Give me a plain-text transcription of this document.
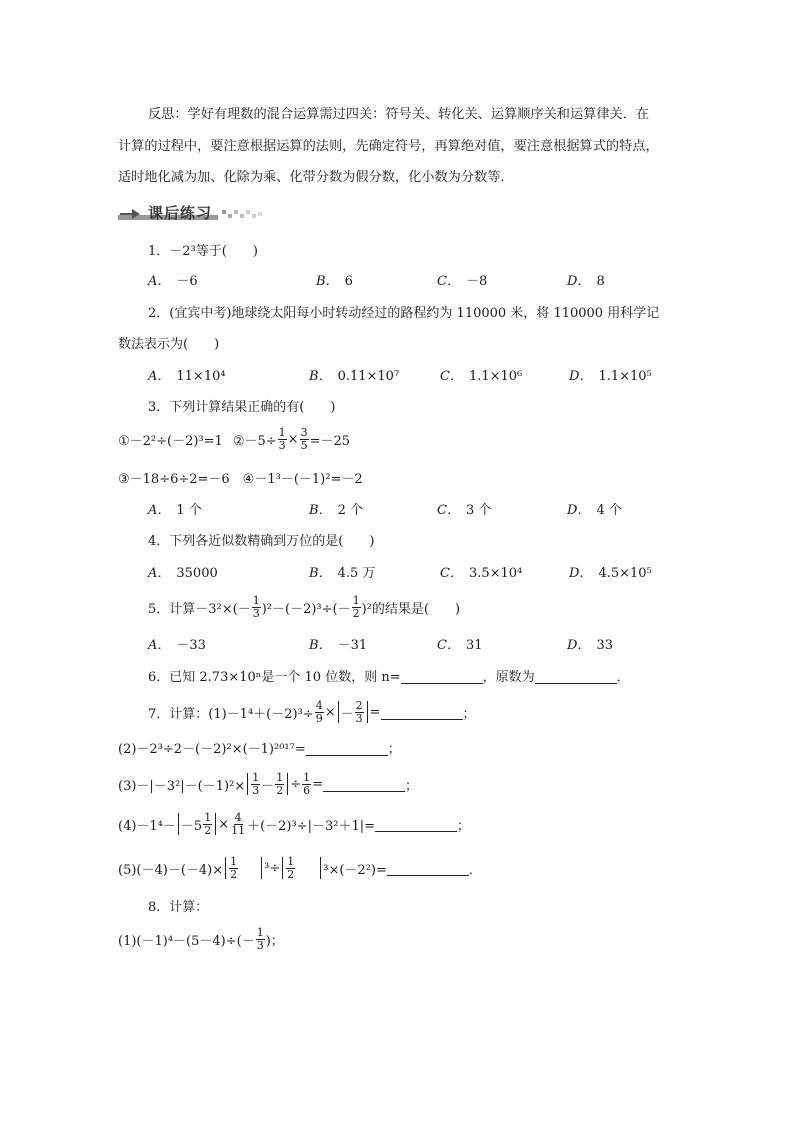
反思：学好有理数的混合运算需过四关：符号关、转化关、运算顺序关和运算律关．在
计算的过程中，要注意根据运算的法则，先确定符号，再算绝对值，要注意根据算式的特点，
适时地化减为加、化除为乘、化带分数为假分数，化小数为分数等．
课后练习
1．－2³等于(　　)
A． －6	B． 6	C． －8	D． 8
2．(宜宾中考)地球绕太阳每小时转动经过的路程约为 110000 米，将 110000 用科学记
数法表示为(　　)
A． 11×10⁴	B． 0.11×10⁷	C． 1.1×10⁶	D． 1.1×10⁵
3．下列计算结果正确的有(　　)
①－2²÷(－2)³=1 ②－5÷ $\frac{1}{3} \times \frac{3}{5} =-25$
③－18÷6÷2=－6　④－1³－(－1)²=－2
A． 1 个	B． 2 个	C． 3 个	D． 4 个
4．下列各近似数精确到万位的是(　　)
A． 35000	B． 4.5 万	C． 3.5×10⁴	D． 4.5×10⁵
5．计算$-3^2\times(- \frac{1}{3} )^2-(-2)^3\div(- \frac{1}{2} )^2$的结果是(　　)
A． －33	B． －31	C． 31	D． 33
6．已知 2.73×10ⁿ是一个 10 位数，则 n=	，原数为	．
7．计算：$(1)-1^4+(-2)^3\div \frac{4}{9}$ × － $\frac{2}{3}$ =	；
(2)－2³÷2－(－2)²×(－1)²⁰¹⁷=	；
$(3)-|-3^2|-(-1)^2\times \frac{1}{3} - \frac{1}{2} \div \frac{1}{6}$ =	；
$(4)-1^4- -5 \frac{1}{2} \times \frac{4}{11} +(-2)^3\div|-3^2+1|=$	；
$(5)(-4)-(-4)\times \frac{1}{2} ^3\div \frac{1}{2} ^3\times(-2^2)=$	．
8．计算：
$(1)(-1)^4-(5-4)\div(- \frac{1}{3}$ )；
